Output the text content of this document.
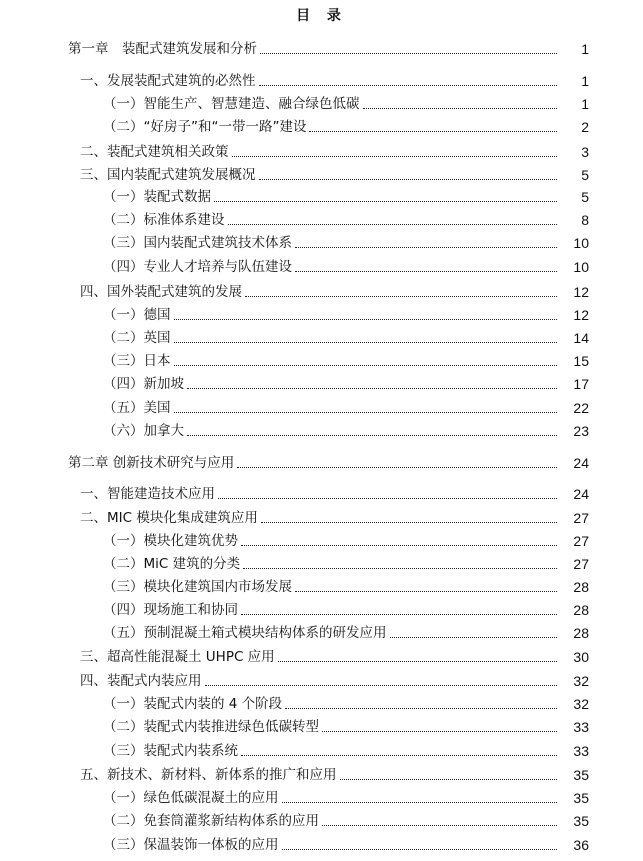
目 录
第一章　装配式建筑发展和分析	1
一、发展装配式建筑的必然性	1
（一）智能生产、智慧建造、融合绿色低碳	1
（二）“好房子”和“一带一路”建设	2
二、装配式建筑相关政策	3
三、国内装配式建筑发展概况	5
（一）装配式数据	5
（二）标准体系建设	8
（三）国内装配式建筑技术体系	10
（四）专业人才培养与队伍建设	10
四、国外装配式建筑的发展	12
（一）德国	12
（二）英国	14
（三）日本	15
（四）新加坡	17
（五）美国	22
（六）加拿大	23
第二章 创新技术研究与应用	24
一、智能建造技术应用	24
二、MIC 模块化集成建筑应用	27
（一）模块化建筑优势	27
（二）MiC 建筑的分类	27
（三）模块化建筑国内市场发展	28
（四）现场施工和协同	28
（五）预制混凝土箱式模块结构体系的研发应用	28
三、超高性能混凝土 UHPC 应用	30
四、装配式内装应用	32
（一）装配式内装的 4 个阶段	32
（二）装配式内装推进绿色低碳转型	33
（三）装配式内装系统	33
五、新技术、新材料、新体系的推广和应用	35
（一）绿色低碳混凝土的应用	35
（二）免套筒灌浆新结构体系的应用	35
（三）保温装饰一体板的应用	36
